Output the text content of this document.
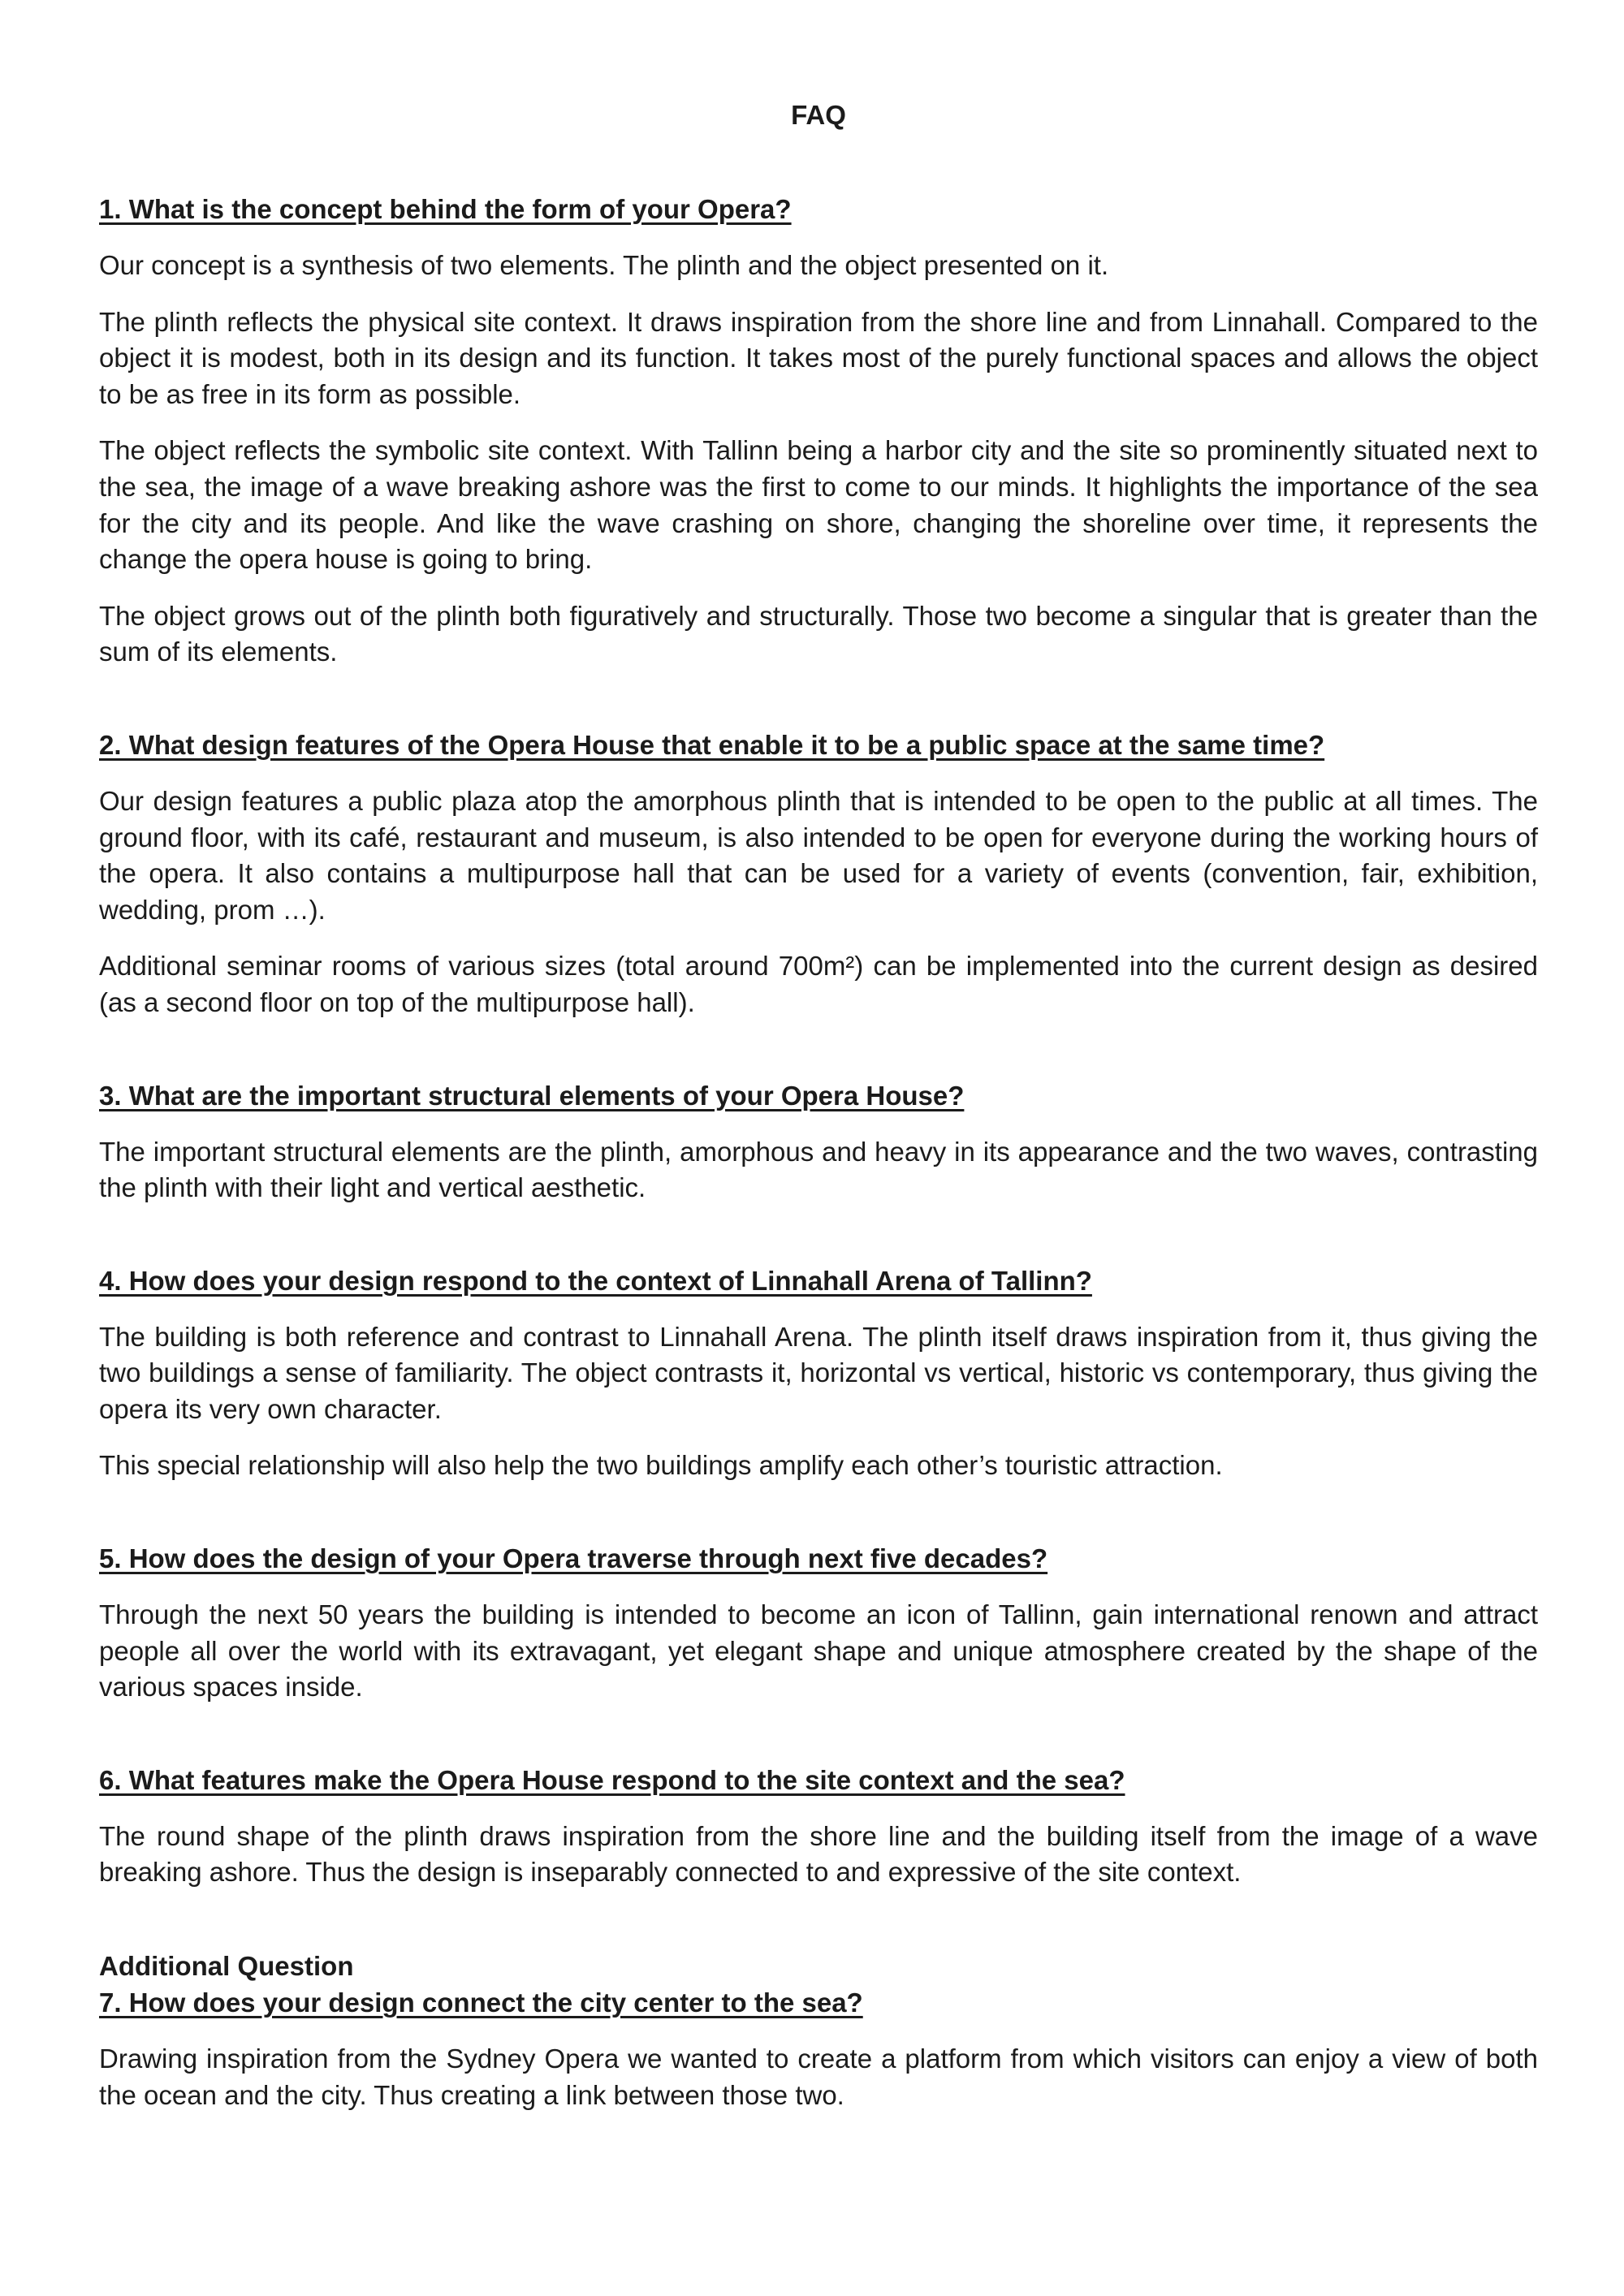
FAQ

1. What is the concept behind the form of your Opera?

Our concept is a synthesis of two elements. The plinth and the object presented on it.

The plinth reflects the physical site context. It draws inspiration from the shore line and from Linnahall. Compared to the object it is modest, both in its design and its function. It takes most of the purely functional spaces and allows the object to be as free in its form as possible.

The object reflects the symbolic site context. With Tallinn being a harbor city and the site so prominently situated next to the sea, the image of a wave breaking ashore was the first to come to our minds. It highlights the importance of the sea for the city and its people. And like the wave crashing on shore, changing the shoreline over time, it represents the change the opera house is going to bring.

The object grows out of the plinth both figuratively and structurally. Those two become a singular that is greater than the sum of its elements.

2. What design features of the Opera House that enable it to be a public space at the same time?

Our design features a public plaza atop the amorphous plinth that is intended to be open to the public at all times. The ground floor, with its café, restaurant and museum, is also intended to be open for everyone during the working hours of the opera. It also contains a multipurpose hall that can be used for a variety of events (convention, fair, exhibition, wedding, prom …).

Additional seminar rooms of various sizes (total around 700m²) can be implemented into the current design as desired (as a second floor on top of the multipurpose hall).

3. What are the important structural elements of your Opera House?

The important structural elements are the plinth, amorphous and heavy in its appearance and the two waves, contrasting the plinth with their light and vertical aesthetic.

4. How does your design respond to the context of Linnahall Arena of Tallinn?

The building is both reference and contrast to Linnahall Arena. The plinth itself draws inspiration from it, thus giving the two buildings a sense of familiarity. The object contrasts it, horizontal vs vertical, historic vs contemporary, thus giving the opera its very own character.

This special relationship will also help the two buildings amplify each other’s touristic attraction.

5. How does the design of your Opera traverse through next five decades?

Through the next 50 years the building is intended to become an icon of Tallinn, gain international renown and attract people all over the world with its extravagant, yet elegant shape and unique atmosphere created by the shape of the various spaces inside.

6. What features make the Opera House respond to the site context and the sea?

The round shape of the plinth draws inspiration from the shore line and the building itself from the image of a wave breaking ashore. Thus the design is inseparably connected to and expressive of the site context.

Additional Question

7. How does your design connect the city center to the sea?

Drawing inspiration from the Sydney Opera we wanted to create a platform from which visitors can enjoy a view of both the ocean and the city. Thus creating a link between those two.
